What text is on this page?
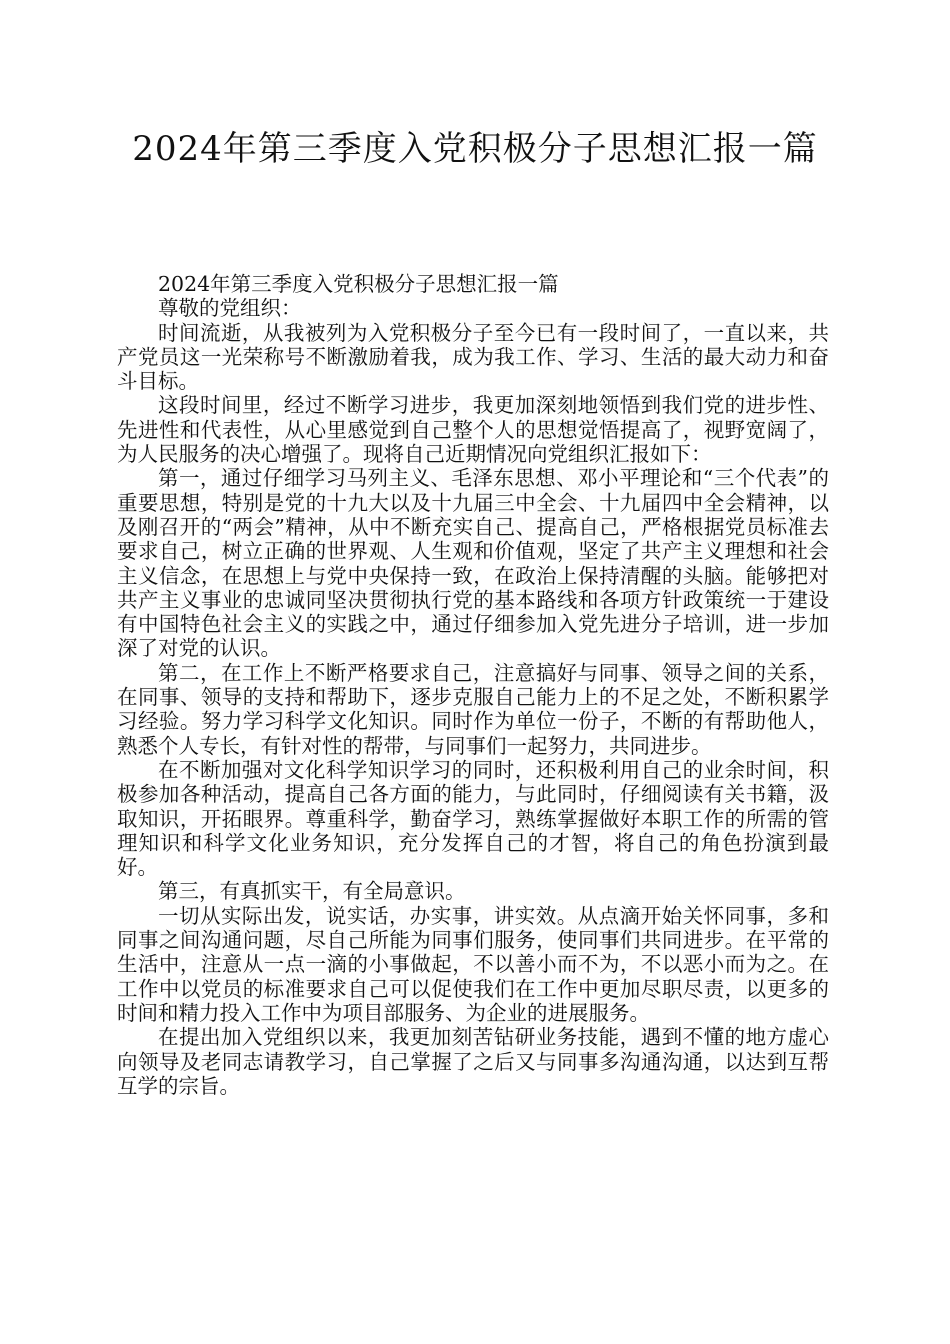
2024年第三季度入党积极分子思想汇报一篇

2024年第三季度入党积极分子思想汇报一篇

尊敬的党组织：

时间流逝，从我被列为入党积极分子至今已有一段时间了，一直以来，共产党员这一光荣称号不断激励着我，成为我工作、学习、生活的最大动力和奋斗目标。

这段时间里，经过不断学习进步，我更加深刻地领悟到我们党的进步性、先进性和代表性，从心里感觉到自己整个人的思想觉悟提高了，视野宽阔了，为人民服务的决心增强了。现将自己近期情况向党组织汇报如下：

第一，通过仔细学习马列主义、毛泽东思想、邓小平理论和“三个代表”的重要思想，特别是党的十九大以及十九届三中全会、十九届四中全会精神，以及刚召开的“两会”精神，从中不断充实自己、提高自己，严格根据党员标准去要求自己，树立正确的世界观、人生观和价值观，坚定了共产主义理想和社会主义信念，在思想上与党中央保持一致，在政治上保持清醒的头脑。能够把对共产主义事业的忠诚同坚决贯彻执行党的基本路线和各项方针政策统一于建设有中国特色社会主义的实践之中，通过仔细参加入党先进分子培训，进一步加深了对党的认识。

第二，在工作上不断严格要求自己，注意搞好与同事、领导之间的关系，在同事、领导的支持和帮助下，逐步克服自己能力上的不足之处，不断积累学习经验。努力学习科学文化知识。同时作为单位一份子，不断的有帮助他人，熟悉个人专长，有针对性的帮带，与同事们一起努力，共同进步。

在不断加强对文化科学知识学习的同时，还积极利用自己的业余时间，积极参加各种活动，提高自己各方面的能力，与此同时，仔细阅读有关书籍，汲取知识，开拓眼界。尊重科学，勤奋学习，熟练掌握做好本职工作的所需的管理知识和科学文化业务知识，充分发挥自己的才智，将自己的角色扮演到最好。

第三，有真抓实干，有全局意识。

一切从实际出发，说实话，办实事，讲实效。从点滴开始关怀同事，多和同事之间沟通问题，尽自己所能为同事们服务，使同事们共同进步。在平常的生活中，注意从一点一滴的小事做起，不以善小而不为，不以恶小而为之。在工作中以党员的标准要求自己可以促使我们在工作中更加尽职尽责，以更多的时间和精力投入工作中为项目部服务、为企业的进展服务。

在提出加入党组织以来，我更加刻苦钻研业务技能，遇到不懂的地方虚心向领导及老同志请教学习，自己掌握了之后又与同事多沟通沟通，以达到互帮互学的宗旨。
